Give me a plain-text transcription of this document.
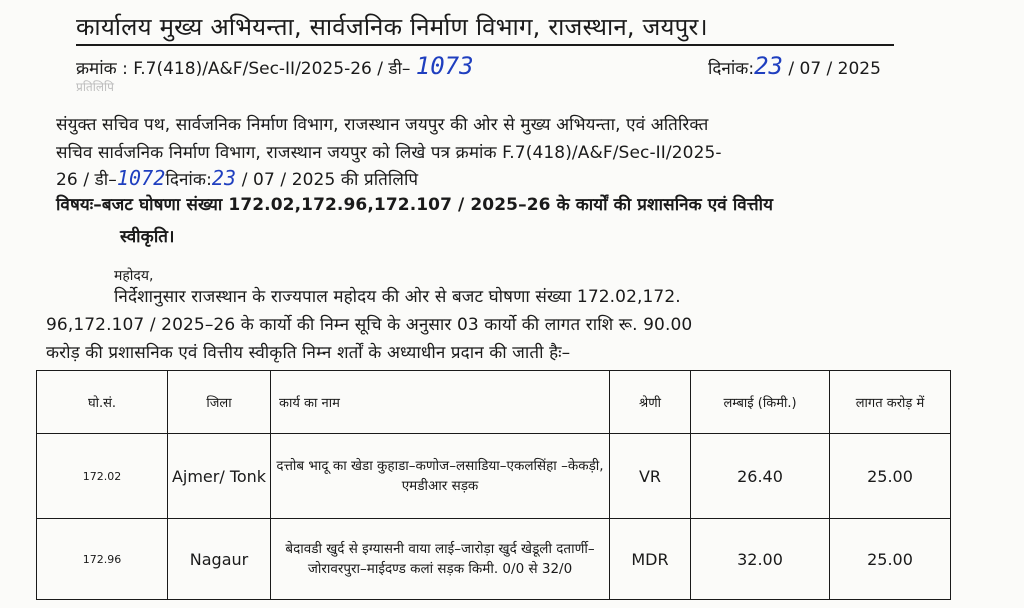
कार्यालय मुख्य अभियन्ता, सार्वजनिक निर्माण विभाग, राजस्थान, जयपुर।
क्रमांक : F.7(418)/A&F/Sec-II/2025-26 / डी– 1073	दिनांक:23 / 07 / 2025
प्रतिलिपि
संयुक्त सचिव पथ, सार्वजनिक निर्माण विभाग, राजस्थान जयपुर की ओर से मुख्य अभियन्ता, एवं अतिरिक्त
सचिव सार्वजनिक निर्माण विभाग, राजस्थान जयपुर को लिखे पत्र क्रमांक F.7(418)/A&F/Sec-II/2025-
26 / डी–1072दिनांक:23 / 07 / 2025 की प्रतिलिपि
विषयः–बजट घोषणा संख्या 172.02,172.96,172.107 / 2025–26 के कार्यों की प्रशासनिक एवं वित्तीय
स्वीकृति।
महोदय,
निर्देशानुसार राजस्थान के राज्यपाल महोदय की ओर से बजट घोषणा संख्या 172.02,172.
96,172.107 / 2025–26 के कार्यो की निम्न सूचि के अनुसार 03 कार्यो की लागत राशि रू. 90.00
करोड़ की प्रशासनिक एवं वित्तीय स्वीकृति निम्न शर्तों के अध्याधीन प्रदान की जाती हैः–
घो.सं.	जिला	कार्य का नाम	श्रेणी	लम्बाई (किमी.)	लागत करोड़ में
172.02	Ajmer/ Tonk	दत्तोब भादू का खेडा कुहाडा–कणोज–लसाडिया–एकलसिंहा –केकड़ी, एमडीआर सड़क	VR	26.40	25.00
172.96	Nagaur	बेदावडी खुर्द से इग्यासनी वाया लाई–जारोड़ा खुर्द खेडूली दतार्णी–जोरावरपुरा–माईदण्ड कलां सड़क किमी. 0/0 से 32/0	MDR	32.00	25.00
